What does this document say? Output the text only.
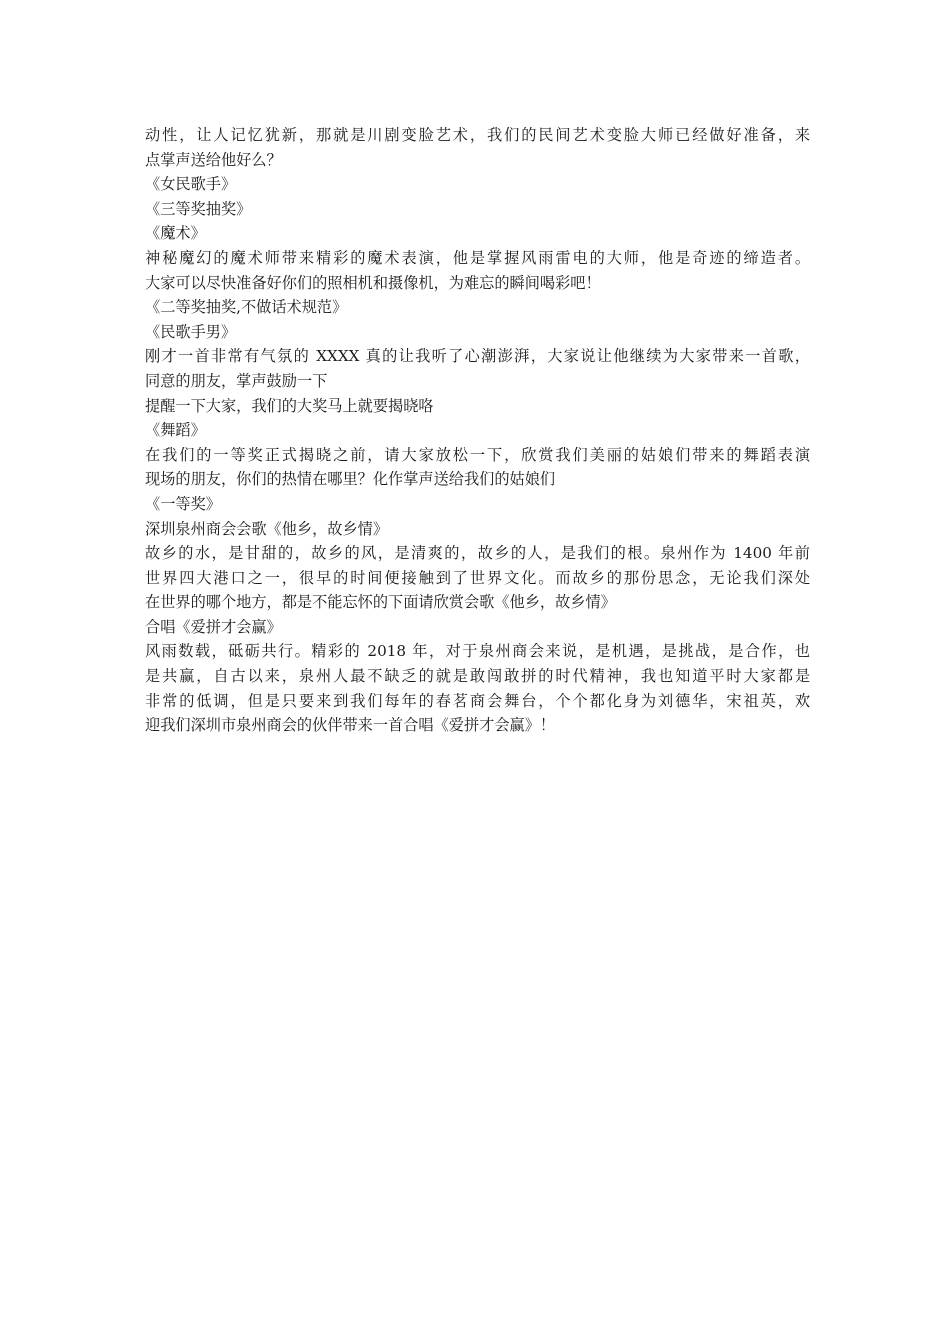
动性，让人记忆犹新，那就是川剧变脸艺术，我们的民间艺术变脸大师已经做好准备，来
点掌声送给他好么？
《女民歌手》
《三等奖抽奖》
《魔术》
神秘魔幻的魔术师带来精彩的魔术表演，他是掌握风雨雷电的大师，他是奇迹的缔造者。
大家可以尽快准备好你们的照相机和摄像机，为难忘的瞬间喝彩吧！
《二等奖抽奖,不做话术规范》
《民歌手男》
刚才一首非常有气氛的 XXXX 真的让我听了心潮澎湃，大家说让他继续为大家带来一首歌，
同意的朋友，掌声鼓励一下
提醒一下大家，我们的大奖马上就要揭晓咯
《舞蹈》
在我们的一等奖正式揭晓之前，请大家放松一下，欣赏我们美丽的姑娘们带来的舞蹈表演
现场的朋友，你们的热情在哪里？化作掌声送给我们的姑娘们
《一等奖》
深圳泉州商会会歌《他乡，故乡情》
故乡的水，是甘甜的，故乡的风，是清爽的，故乡的人，是我们的根。泉州作为 1400 年前
世界四大港口之一，很早的时间便接触到了世界文化。而故乡的那份思念，无论我们深处
在世界的哪个地方，都是不能忘怀的下面请欣赏会歌《他乡，故乡情》
合唱《爱拼才会赢》
风雨数载，砥砺共行。精彩的 2018 年，对于泉州商会来说，是机遇，是挑战，是合作，也
是共赢，自古以来，泉州人最不缺乏的就是敢闯敢拼的时代精神，我也知道平时大家都是
非常的低调，但是只要来到我们每年的春茗商会舞台，个个都化身为刘德华，宋祖英，欢
迎我们深圳市泉州商会的伙伴带来一首合唱《爱拼才会赢》！
